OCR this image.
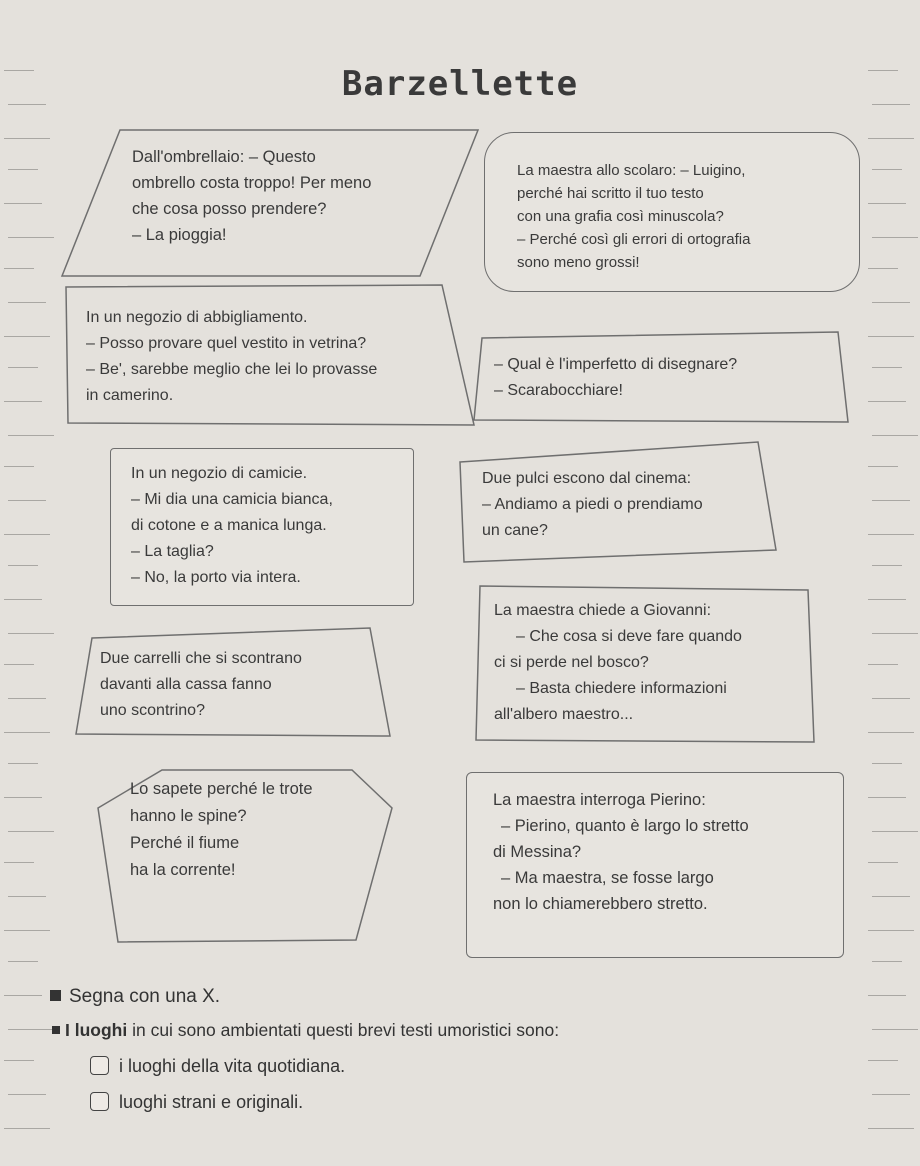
Barzellette
Dall'ombrellaio: – Questo
ombrello costa troppo! Per meno
che cosa posso prendere?
– La pioggia!

La maestra allo scolaro: – Luigino,

perché hai scritto il tuo testo

con una grafia così minuscola?

– Perché così gli errori di ortografia

sono meno grossi!

In un negozio di abbigliamento.
– Posso provare quel vestito in vetrina?
– Be', sarebbe meglio che lei lo provasse
in camerino.
– Qual è l'imperfetto di disegnare?
– Scarabocchiare!

In un negozio di camicie.

– Mi dia una camicia bianca,

di cotone e a manica lunga.

– La taglia?

– No, la porto via intera.

Due pulci escono dal cinema:
– Andiamo a piedi o prendiamo
un cane?
Due carrelli che si scontrano
davanti alla cassa fanno
uno scontrino?
La maestra chiede a Giovanni:
– Che cosa si deve fare quando
ci si perde nel bosco?
– Basta chiedere informazioni
all'albero maestro...
Lo sapete perché le trote
hanno le spine?
Perché il fiume
ha la corrente!

La maestra interroga Pierino:

– Pierino, quanto è largo lo stretto

di Messina?

– Ma maestra, se fosse largo

non lo chiamerebbero stretto.

Segna con una X.
I luoghi in cui sono ambientati questi brevi testi umoristici sono:
i luoghi della vita quotidiana.
luoghi strani e originali.
